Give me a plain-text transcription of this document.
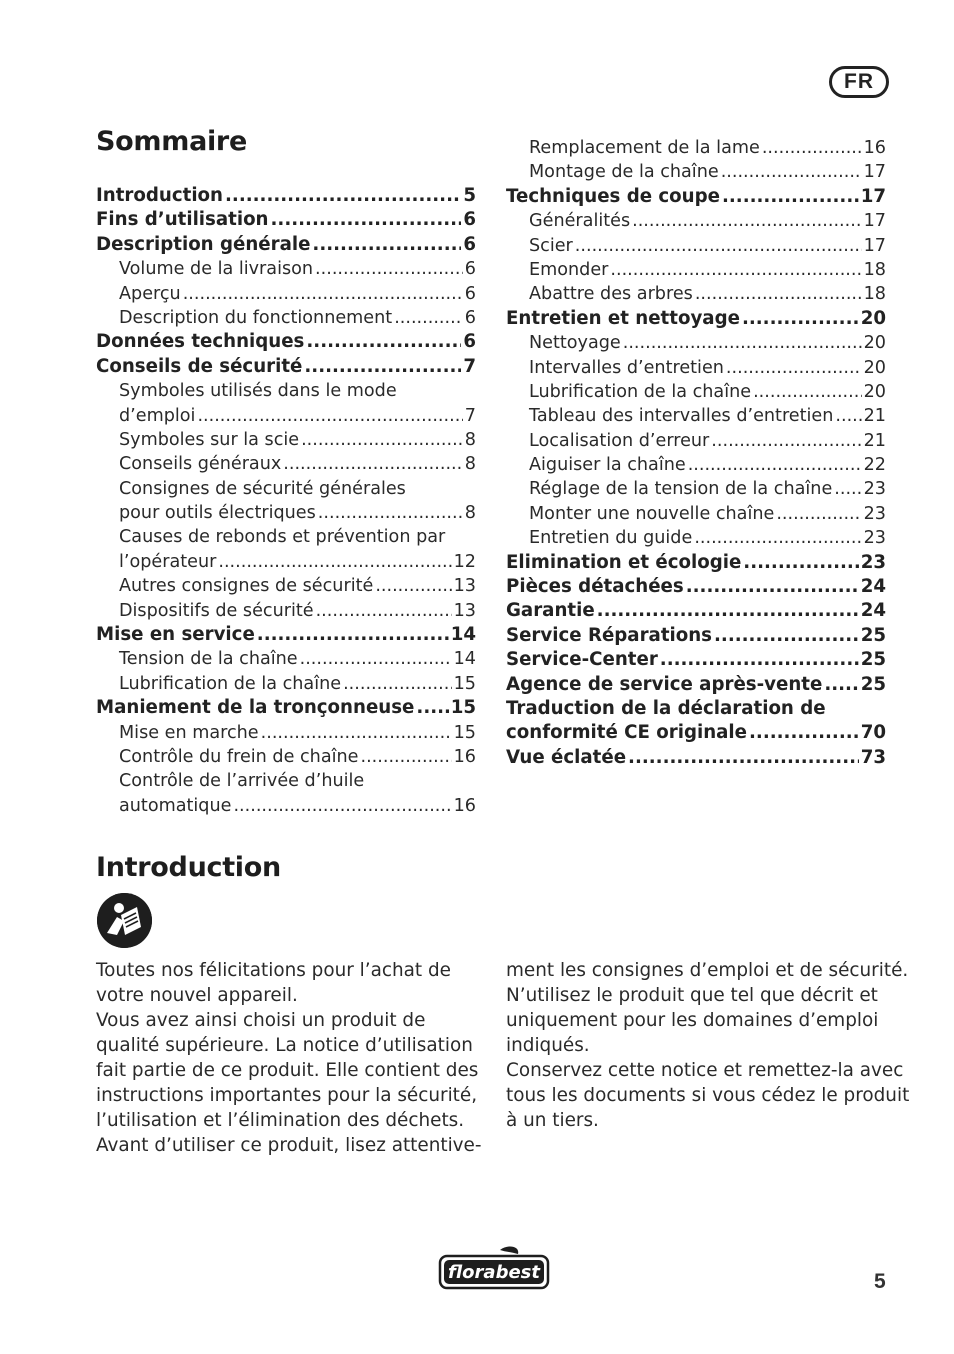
FR
Sommaire
Introduction .....	5
Fins d’utilisation .....	6
Description générale .....	6
Volume de la livraison .....	6
Aperçu .....	6
Description du fonctionnement .....	6
Données techniques .....	6
Conseils de sécurité .....	7
Symboles utilisés dans le mode
d’emploi .....	7
Symboles sur la scie .....	8
Conseils généraux .....	8
Consignes de sécurité générales
pour outils électriques .....	8
Causes de rebonds et prévention par
l’opérateur .....	12
Autres consignes de sécurité .....	13
Dispositifs de sécurité .....	13
Mise en service .....	14
Tension de la chaîne .....	14
Lubrification de la chaîne .....	15
Maniement de la tronçonneuse ..... 15
Mise en marche .....	15
Contrôle du frein de chaîne .....	16
Contrôle de l’arrivée d’huile
automatique .....	16
Remplacement de la lame .....	16
Montage de la chaîne .....	17
Techniques de coupe .....	17
Généralités .....	17
Scier .....	17
Emonder .....	18
Abattre des arbres .....	18
Entretien et nettoyage .....	20
Nettoyage .....	20
Intervalles d’entretien .....	20
Lubrification de la chaîne .....	20
Tableau des intervalles d’entretien ..... 21
Localisation d’erreur .....	21
Aiguiser la chaîne .....	22
Réglage de la tension de la chaîne ..... 23
Monter une nouvelle chaîne .....	23
Entretien du guide .....	23
Elimination et écologie .....	23
Pièces détachées .....	24
Garantie .....	24
Service Réparations .....	25
Service-Center .....	25
Agence de service après-vente ..... 25
Traduction de la déclaration de
conformité CE originale .....	70
Vue éclatée .....	73
Introduction

Toutes nos félicitations pour l’achat de

votre nouvel appareil.

Vous avez ainsi choisi un produit de

qualité supérieure. La notice d’utilisation

fait partie de ce produit. Elle contient des

instructions importantes pour la sécurité,

l’utilisation et l’élimination des déchets.

Avant d’utiliser ce produit, lisez attentive-

ment les consignes d’emploi et de sécurité.

N’utilisez le produit que tel que décrit et

uniquement pour les domaines d’emploi

indiqués.

Conservez cette notice et remettez-la avec

tous les documents si vous cédez le produit

à un tiers.

florabest	5
